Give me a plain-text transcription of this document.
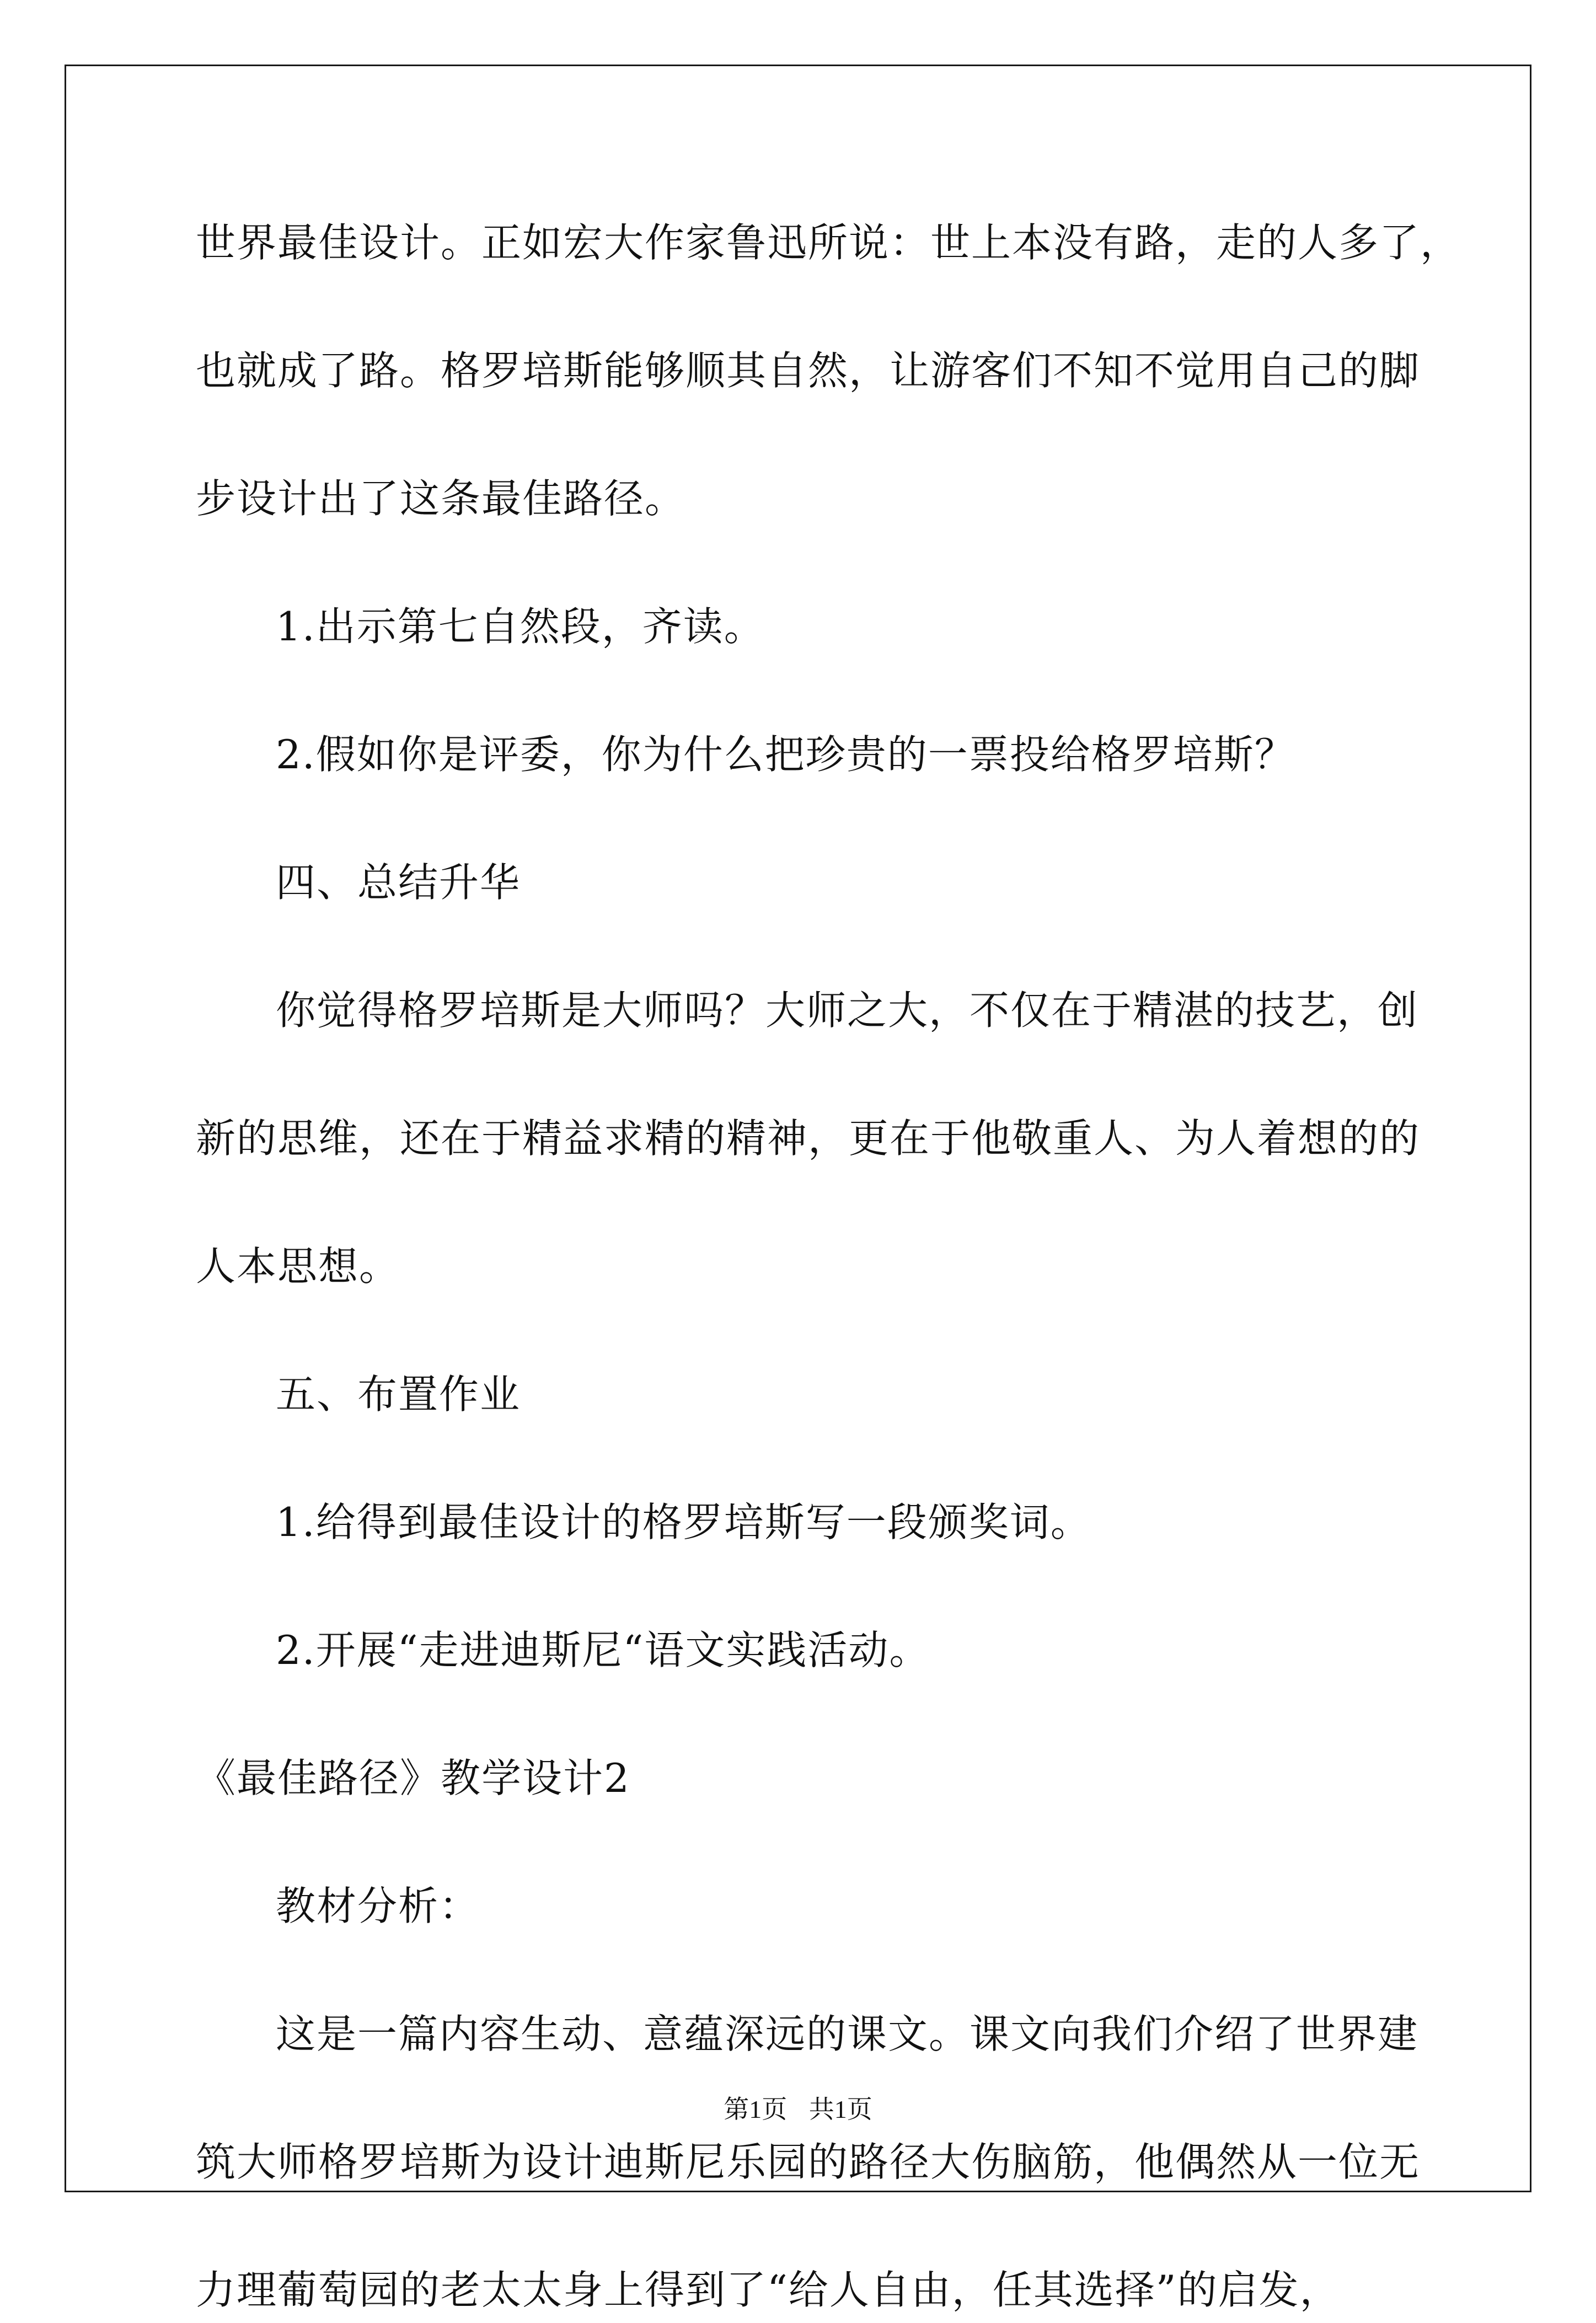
世界最佳设计。正如宏大作家鲁迅所说：世上本没有路，走的人多了，
也就成了路。格罗培斯能够顺其自然，让游客们不知不觉用自己的脚
步设计出了这条最佳路径。
1.出示第七自然段，齐读。
2.假如你是评委，你为什么把珍贵的一票投给格罗培斯？
四、总结升华
你觉得格罗培斯是大师吗？大师之大，不仅在于精湛的技艺，创
新的思维，还在于精益求精的精神，更在于他敬重人、为人着想的的
人本思想。
五、布置作业
1.给得到最佳设计的格罗培斯写一段颁奖词。
2.开展“走进迪斯尼“语文实践活动。
《最佳路径》教学设计2
教材分析：
这是一篇内容生动、意蕴深远的课文。课文向我们介绍了世界建
筑大师格罗培斯为设计迪斯尼乐园的路径大伤脑筋，他偶然从一位无
力理葡萄园的老太太身上得到了“给人自由，任其选择”的启发，
第1页 共1页
